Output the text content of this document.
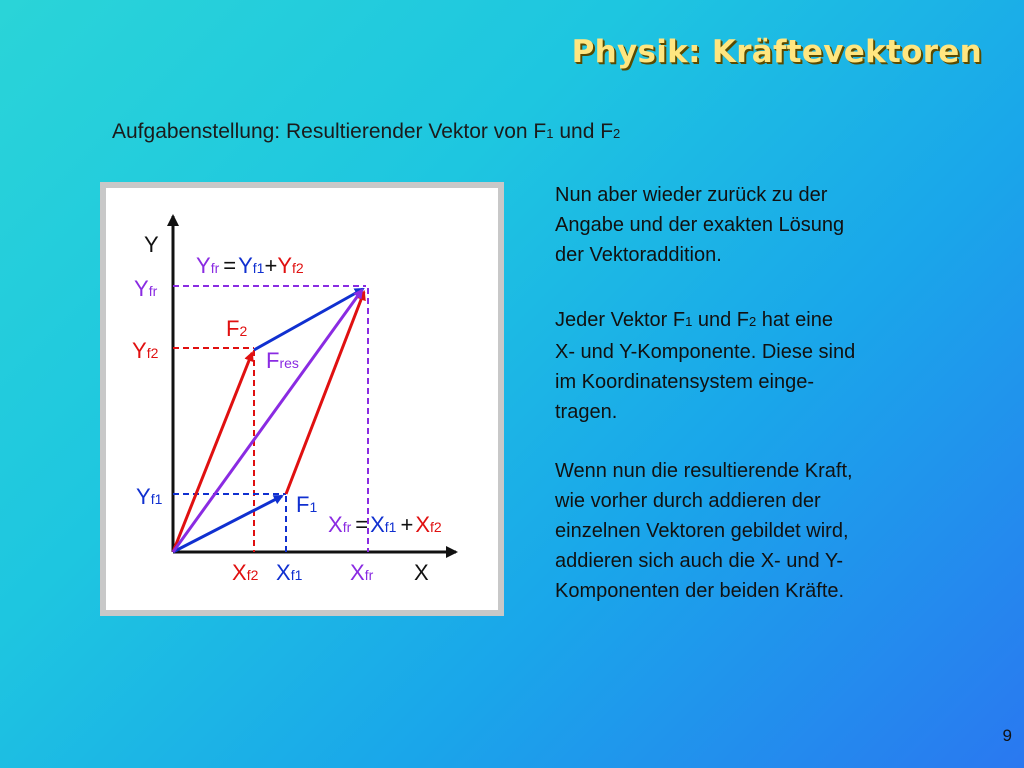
Physik: Kräftevektoren
Aufgabenstellung: Resultierender Vektor von F1 und F2
Y
X
Yfr =Yf1+Yf2
Yfr
Yf2
Yf1
F2
Fres
F1
Xfr =Xf1 +Xf2
Xf2 Xf1 Xfr
Nun aber wieder zurück zu der
Angabe und der exakten Lösung
der Vektoraddition.
Jeder Vektor F1 und F2 hat eine
X- und Y-Komponente. Diese sind
im Koordinatensystem einge-
tragen.
Wenn nun die resultierende Kraft,
wie vorher durch addieren der
einzelnen Vektoren gebildet wird,
addieren sich auch die X- und Y-
Komponenten der beiden Kräfte.
9
